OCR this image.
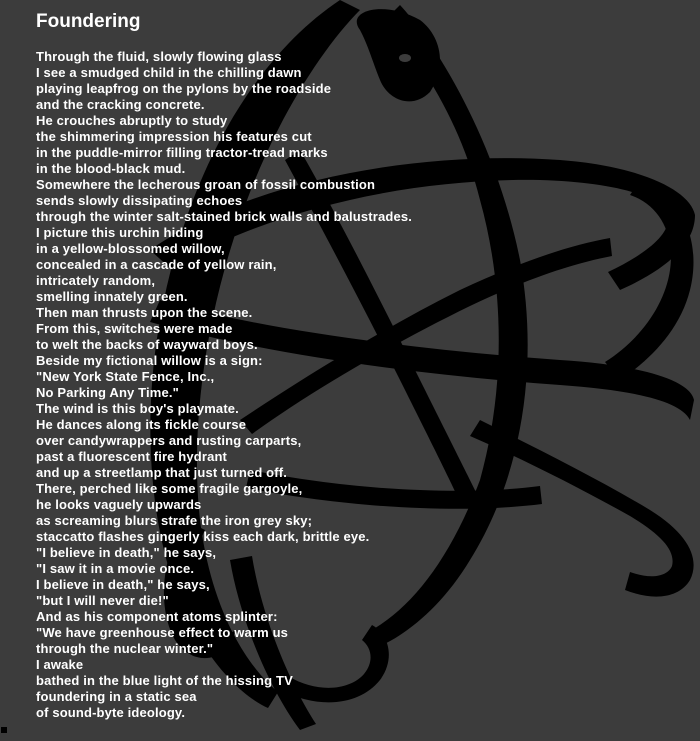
Foundering
Through the fluid, slowly flowing glass
I see a smudged child in the chilling dawn
playing leapfrog on the pylons by the roadside
and the cracking concrete.
He crouches abruptly to study
the shimmering impression his features cut
in the puddle-mirror filling tractor-tread marks
in the blood-black mud.
Somewhere the lecherous groan of fossil combustion
sends slowly dissipating echoes
through the winter salt-stained brick walls and balustrades.
I picture this urchin hiding
in a yellow-blossomed willow,
concealed in a cascade of yellow rain,
intricately random,
smelling innately green.
Then man thrusts upon the scene.
From this, switches were made
to welt the backs of wayward boys.
Beside my fictional willow is a sign:
"New York State Fence, Inc.,
No Parking Any Time."
The wind is this boy's playmate.
He dances along its fickle course
over candywrappers and rusting carparts,
past a fluorescent fire hydrant
and up a streetlamp that just turned off.
There, perched like some fragile gargoyle,
he looks vaguely upwards
as screaming blurs strafe the iron grey sky;
staccatto flashes gingerly kiss each dark, brittle eye.
"I believe in death," he says,
"I saw it in a movie once.
I believe in death," he says,
"but I will never die!"
And as his component atoms splinter:
"We have greenhouse effect to warm us
through the nuclear winter."
I awake
bathed in the blue light of the hissing TV
foundering in a static sea
of sound-byte ideology.
